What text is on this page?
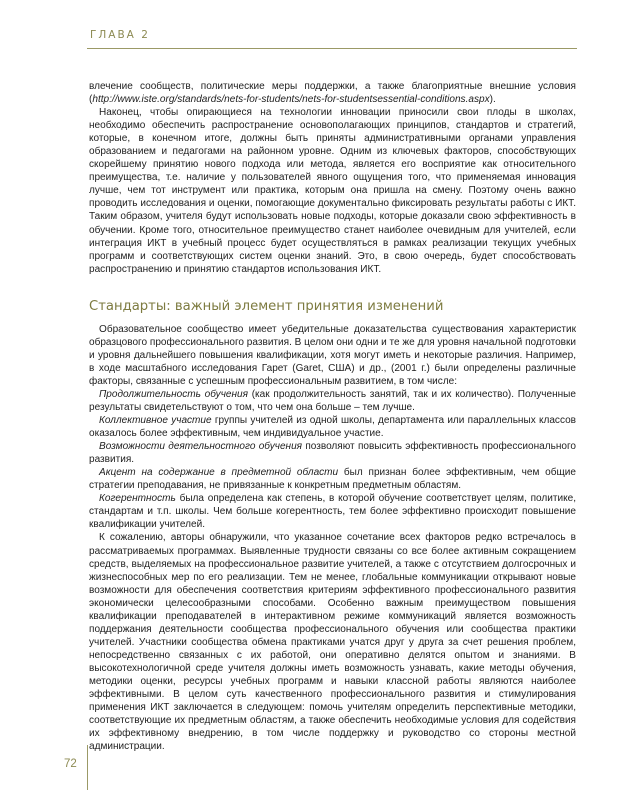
ГЛАВА 2

влечение сообществ, политические меры поддержки, а также благоприятные внешние условия (http://www.iste.org/standards/nets-for-students/nets-for-studentsessential-conditions.aspx).

Наконец, чтобы опирающиеся на технологии инновации приносили свои плоды в школах, необходимо обеспечить распространение основополагающих принципов, стандартов и стратегий, которые, в конечном итоге, должны быть приняты административными органами управления образованием и педагогами на районном уровне. Одним из ключевых факторов, способствующих скорейшему принятию нового подхода или метода, является его восприятие как относительного преимущества, т.е. наличие у пользователей явного ощущения того, что применяемая инновация лучше, чем тот инструмент или практика, которым она пришла на смену. Поэтому очень важно проводить исследования и оценки, помогающие документально фиксировать результаты работы с ИКТ. Таким образом, учителя будут использовать новые подходы, которые доказали свою эффективность в обучении. Кроме того, относительное преимущество станет наиболее очевидным для учителей, если интеграция ИКТ в учебный процесс будет осуществляться в рамках реализации текущих учебных программ и соответствующих систем оценки знаний. Это, в свою очередь, будет способствовать распространению и принятию стандартов использования ИКТ.

Стандарты: важный элемент принятия изменений

Образовательное сообщество имеет убедительные доказательства существования характеристик образцового профессионального развития. В целом они одни и те же для уровня начальной подготовки и уровня дальнейшего повышения квалификации, хотя могут иметь и некоторые различия. Например, в ходе масштабного исследования Гарет (Garet, США) и др., (2001 г.) были определены различные факторы, связанные с успешным профессиональным развитием, в том числе:

Продолжительность обучения (как продолжительность занятий, так и их количество). Полученные результаты свидетельствуют о том, что чем она больше – тем лучше.

Коллективное участие группы учителей из одной школы, департамента или параллельных классов оказалось более эффективным, чем индивидуальное участие.

Возможности деятельностного обучения позволяют повысить эффективность профессионального развития.

Акцент на содержание в предметной области был признан более эффективным, чем общие стратегии преподавания, не привязанные к конкретным предметным областям.

Когерентность была определена как степень, в которой обучение соответствует целям, политике, стандартам и т.п. школы. Чем больше когерентность, тем более эффективно происходит повышение квалификации учителей.

К сожалению, авторы обнаружили, что указанное сочетание всех факторов редко встречалось в рассматриваемых программах. Выявленные трудности связаны со все более активным сокращением средств, выделяемых на профессиональное развитие учителей, а также с отсутствием долгосрочных и жизнеспособных мер по его реализации. Тем не менее, глобальные коммуникации открывают новые возможности для обеспечения соответствия критериям эффективного профессионального развития экономически целесообразными способами. Особенно важным преимуществом повышения квалификации преподавателей в интерактивном режиме коммуникаций является возможность поддержания деятельности сообщества профессионального обучения или сообщества практики учителей. Участники сообщества обмена практиками учатся друг у друга за счет решения проблем, непосредственно связанных с их работой, они оперативно делятся опытом и знаниями. В высокотехнологичной среде учителя должны иметь возможность узнавать, какие методы обучения, методики оценки, ресурсы учебных программ и навыки классной работы являются наиболее эффективными. В целом суть качественного профессионального развития и стимулирования применения ИКТ заключается в следующем: помочь учителям определить перспективные методики, соответствующие их предметным областям, а также обеспечить необходимые условия для содействия их эффективному внедрению, в том числе поддержку и руководство со стороны местной администрации.

72
